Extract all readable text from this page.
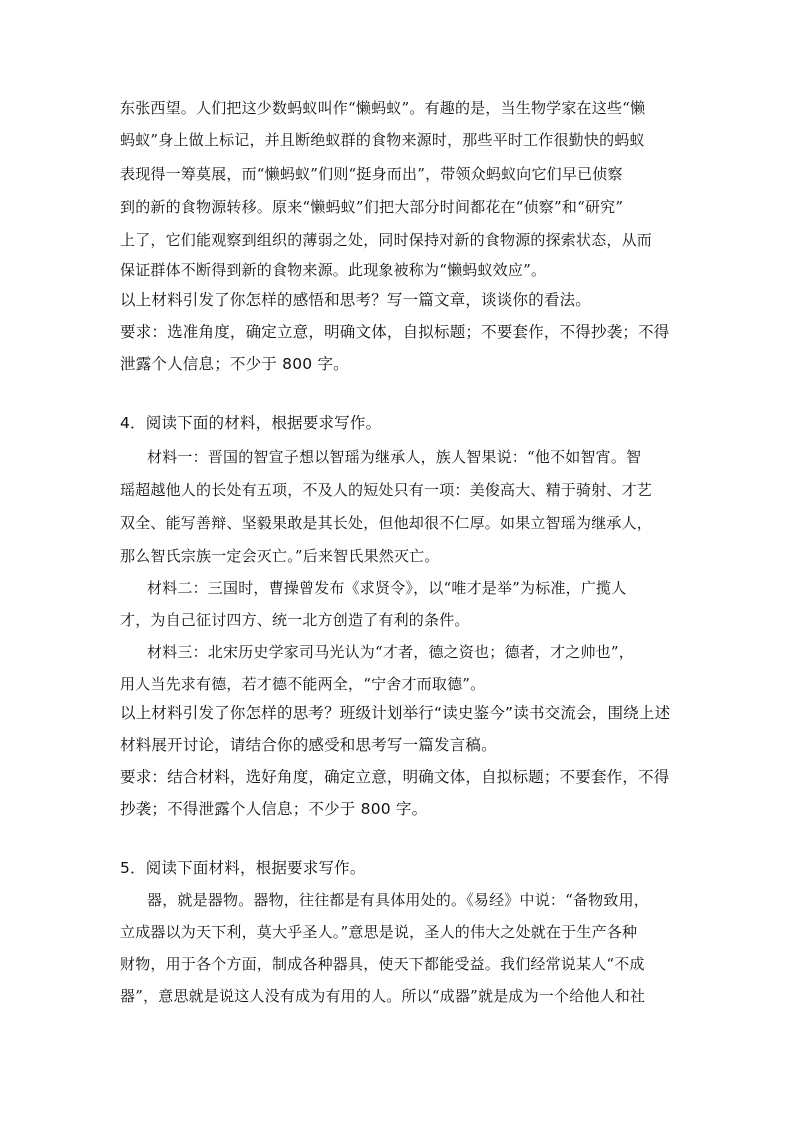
东张西望。人们把这少数蚂蚁叫作“懒蚂蚁”。有趣的是，当生物学家在这些“懒
蚂蚁”身上做上标记，并且断绝蚁群的食物来源时，那些平时工作很勤快的蚂蚁
表现得一筹莫展，而“懒蚂蚁”们则“挺身而出”，带领众蚂蚁向它们早已侦察
到的新的食物源转移。原来“懒蚂蚁”们把大部分时间都花在“侦察”和“研究”
上了，它们能观察到组织的薄弱之处，同时保持对新的食物源的探索状态，从而
保证群体不断得到新的食物来源。此现象被称为“懒蚂蚁效应”。
以上材料引发了你怎样的感悟和思考？写一篇文章，谈谈你的看法。
要求：选准角度，确定立意，明确文体，自拟标题；不要套作，不得抄袭；不得
泄露个人信息；不少于 800 字。
4．阅读下面的材料，根据要求写作。
材料一：晋国的智宣子想以智瑶为继承人，族人智果说：“他不如智宵。智
瑶超越他人的长处有五项，不及人的短处只有一项：美俊高大、精于骑射、才艺
双全、能写善辩、坚毅果敢是其长处，但他却很不仁厚。如果立智瑶为继承人，
那么智氏宗族一定会灭亡。”后来智氏果然灭亡。
材料二：三国时，曹操曾发布《求贤令》，以“唯才是举”为标准，广揽人
才，为自己征讨四方、统一北方创造了有利的条件。
材料三：北宋历史学家司马光认为“才者，德之资也；德者，才之帅也”，
用人当先求有德，若才德不能两全，“宁舍才而取德”。
以上材料引发了你怎样的思考？班级计划举行“读史鉴今”读书交流会，围绕上述
材料展开讨论，请结合你的感受和思考写一篇发言稿。
要求：结合材料，选好角度，确定立意，明确文体，自拟标题；不要套作，不得
抄袭；不得泄露个人信息；不少于 800 字。
5．阅读下面材料，根据要求写作。
器，就是器物。器物，往往都是有具体用处的。《易经》中说：“备物致用，
立成器以为天下利，莫大乎圣人。”意思是说，圣人的伟大之处就在于生产各种
财物，用于各个方面，制成各种器具，使天下都能受益。我们经常说某人“不成
器”，意思就是说这人没有成为有用的人。所以“成器”就是成为一个给他人和社
